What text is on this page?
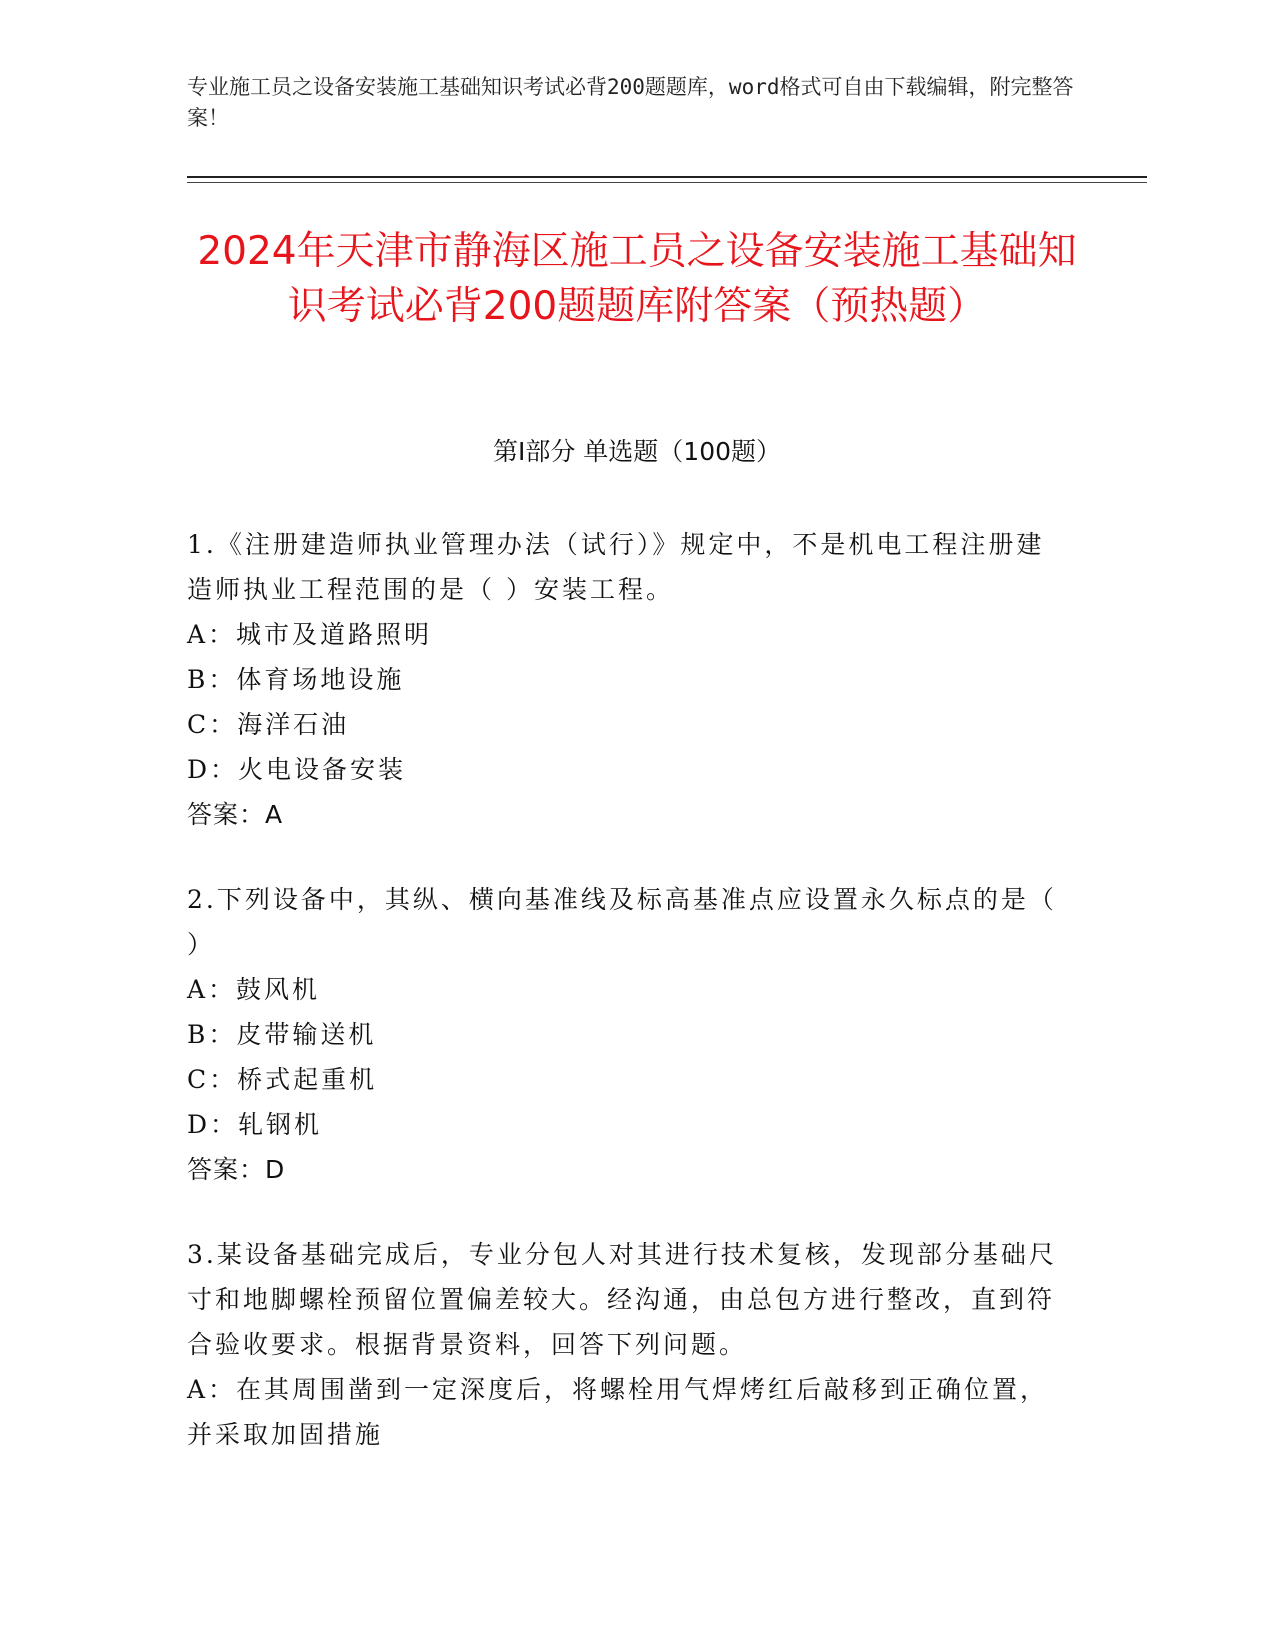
专业施工员之设备安装施工基础知识考试必背200题题库，word格式可自由下载编辑，附完整答案！

2024年天津市静海区施工员之设备安装施工基础知识考试必背200题题库附答案（预热题）
第Ⅰ部分 单选题（100题）

1.《注册建造师执业管理办法（试行）》规定中，不是机电工程注册建造师执业工程范围的是（ ）安装工程。

A：城市及道路照明

B：体育场地设施

C：海洋石油

D：火电设备安装

答案：A

2.下列设备中，其纵、横向基准线及标高基准点应设置永久标点的是（ ）

A：鼓风机

B：皮带输送机

C：桥式起重机

D：轧钢机

答案：D

3.某设备基础完成后，专业分包人对其进行技术复核，发现部分基础尺寸和地脚螺栓预留位置偏差较大。经沟通，由总包方进行整改，直到符合验收要求。根据背景资料，回答下列问题。

A：在其周围凿到一定深度后，将螺栓用气焊烤红后敲移到正确位置，并采取加固措施
